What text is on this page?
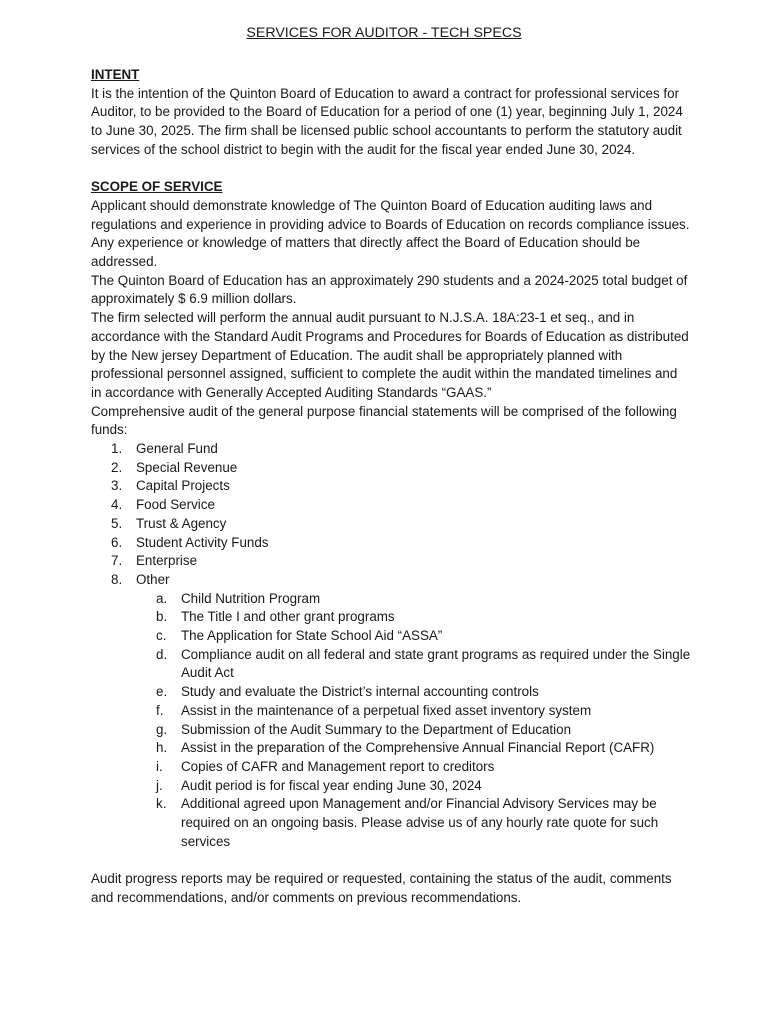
SERVICES FOR AUDITOR - TECH SPECS

INTENT

It is the intention of the Quinton Board of Education to award a contract for professional services for Auditor, to be provided to the Board of Education for a period of one (1) year, beginning July 1, 2024 to June 30, 2025. The firm shall be licensed public school accountants to perform the statutory audit services of the school district to begin with the audit for the fiscal year ended June 30, 2024.

SCOPE OF SERVICE

Applicant should demonstrate knowledge of The Quinton Board of Education auditing laws and regulations and experience in providing advice to Boards of Education on records compliance issues. Any experience or knowledge of matters that directly affect the Board of Education should be addressed.

The Quinton Board of Education has an approximately 290 students and a 2024-2025 total budget of approximately $ 6.9 million dollars.

The firm selected will perform the annual audit pursuant to N.J.S.A. 18A:23-1 et seq., and in accordance with the Standard Audit Programs and Procedures for Boards of Education as distributed by the New jersey Department of Education. The audit shall be appropriately planned with professional personnel assigned, sufficient to complete the audit within the mandated timelines and in accordance with Generally Accepted Auditing Standards “GAAS.”

Comprehensive audit of the general purpose financial statements will be comprised of the following funds:

1.	General Fund
2.	Special Revenue
3.	Capital Projects
4.	Food Service
5.	Trust & Agency
6.	Student Activity Funds
7.	Enterprise
8.	Other
a.	Child Nutrition Program
b.	The Title I and other grant programs
c.	The Application for State School Aid “ASSA”
d.	Compliance audit on all federal and state grant programs as required under the Single Audit Act
e.	Study and evaluate the District’s internal accounting controls
f.	Assist in the maintenance of a perpetual fixed asset inventory system
g.	Submission of the Audit Summary to the Department of Education
h.	Assist in the preparation of the Comprehensive Annual Financial Report (CAFR)
i.	Copies of CAFR and Management report to creditors
j.	Audit period is for fiscal year ending June 30, 2024
k.	Additional agreed upon Management and/or Financial Advisory Services may be required on an ongoing basis. Please advise us of any hourly rate quote for such services

Audit progress reports may be required or requested, containing the status of the audit, comments and recommendations, and/or comments on previous recommendations.
